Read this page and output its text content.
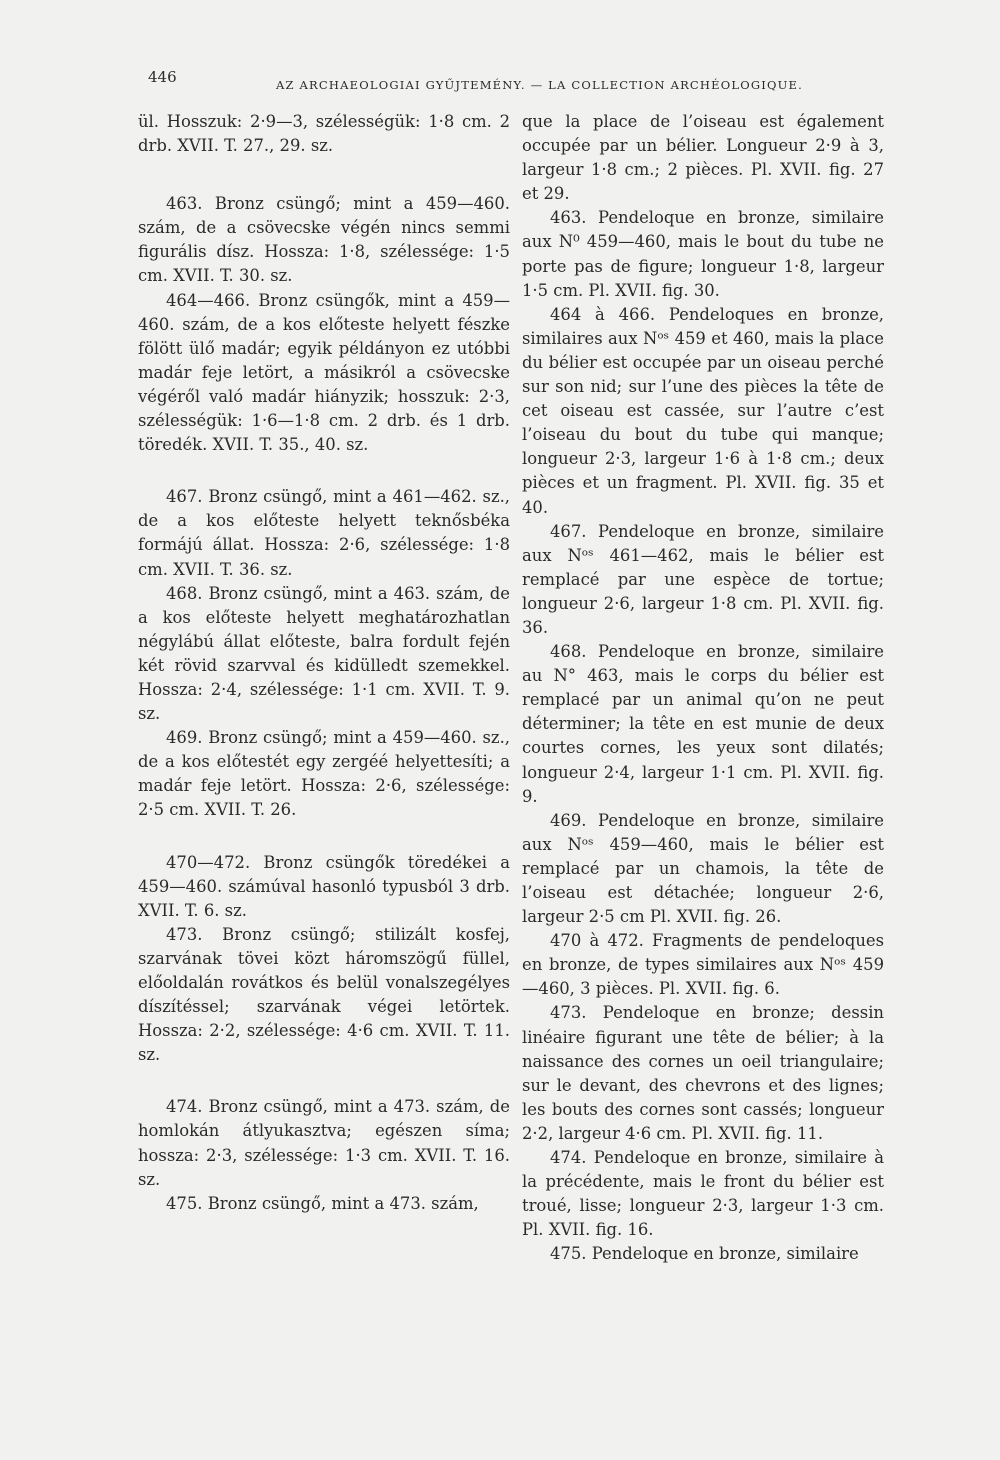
446	AZ ARCHAEOLOGIAI GYŰJTEMÉNY. — LA COLLECTION ARCHÉOLOGIQUE.

ül. Hosszuk: 2·9—3, szélességük: 1·8 cm. 2 drb. XVII. T. 27., 29. sz.

463. Bronz csüngő; mint a 459—460. szám, de a csövecske végén nincs semmi figurális dísz. Hossza: 1·8, szélessége: 1·5 cm. XVII. T. 30. sz.

464—466. Bronz csüngők, mint a 459—460. szám, de a kos előteste helyett fészke fölött ülő madár; egyik példányon ez utóbbi madár feje letört, a másikról a csövecske végéről való madár hiányzik; hosszuk: 2·3, szélességük: 1·6—1·8 cm. 2 drb. és 1 drb. töredék. XVII. T. 35., 40. sz.

467. Bronz csüngő, mint a 461—462. sz., de a kos előteste helyett teknősbéka formájú állat. Hossza: 2·6, szélessége: 1·8 cm. XVII. T. 36. sz.

468. Bronz csüngő, mint a 463. szám, de a kos előteste helyett meghatározhatlan négylábú állat előteste, balra fordult fején két rövid szarvval és kidülledt szemekkel. Hossza: 2·4, szélessége: 1·1 cm. XVII. T. 9. sz.

469. Bronz csüngő; mint a 459—460. sz., de a kos előtestét egy zergéé helyettesíti; a madár feje letört. Hossza: 2·6, szélessége: 2·5 cm. XVII. T. 26.

470—472. Bronz csüngők töredékei a 459—460. számúval hasonló typusból 3 drb. XVII. T. 6. sz.

473. Bronz csüngő; stilizált kosfej, szarvának tövei közt háromszögű füllel, előoldalán rovátkos és belül vonalszegélyes díszítéssel; szarvának végei letörtek. Hossza: 2·2, szélessége: 4·6 cm. XVII. T. 11. sz.

474. Bronz csüngő, mint a 473. szám, de homlokán átlyukasztva; egészen síma; hossza: 2·3, szélessége: 1·3 cm. XVII. T. 16. sz.

475. Bronz csüngő, mint a 473. szám,

que la place de l’oiseau est également occupée par un bélier. Longueur 2·9 à 3, largeur 1·8 cm.; 2 pièces. Pl. XVII. fig. 27 et 29.

463. Pendeloque en bronze, similaire aux N⁰ 459—460, mais le bout du tube ne porte pas de figure; longueur 1·8, largeur 1·5 cm. Pl. XVII. fig. 30.

464 à 466. Pendeloques en bronze, similaires aux Nᵒˢ 459 et 460, mais la place du bélier est occupée par un oiseau perché sur son nid; sur l’une des pièces la tête de cet oiseau est cassée, sur l’autre c’est l’oiseau du bout du tube qui manque; longueur 2·3, largeur 1·6 à 1·8 cm.; deux pièces et un fragment. Pl. XVII. fig. 35 et 40.

467. Pendeloque en bronze, similaire aux Nᵒˢ 461—462, mais le bélier est remplacé par une espèce de tortue; longueur 2·6, largeur 1·8 cm. Pl. XVII. fig. 36.

468. Pendeloque en bronze, similaire au N° 463, mais le corps du bélier est remplacé par un animal qu’on ne peut déterminer; la tête en est munie de deux courtes cornes, les yeux sont dilatés; longueur 2·4, largeur 1·1 cm. Pl. XVII. fig. 9.

469. Pendeloque en bronze, similaire aux Nᵒˢ 459—460, mais le bélier est remplacé par un chamois, la tête de l’oiseau est détachée; longueur 2·6, largeur 2·5 cm Pl. XVII. fig. 26.

470 à 472. Fragments de pendeloques en bronze, de types similaires aux Nᵒˢ 459—460, 3 pièces. Pl. XVII. fig. 6.

473. Pendeloque en bronze; dessin linéaire figurant une tête de bélier; à la naissance des cornes un oeil triangulaire; sur le devant, des chevrons et des lignes; les bouts des cornes sont cassés; longueur 2·2, largeur 4·6 cm. Pl. XVII. fig. 11.

474. Pendeloque en bronze, similaire à la précédente, mais le front du bélier est troué, lisse; longueur 2·3, largeur 1·3 cm. Pl. XVII. fig. 16.

475. Pendeloque en bronze, similaire
